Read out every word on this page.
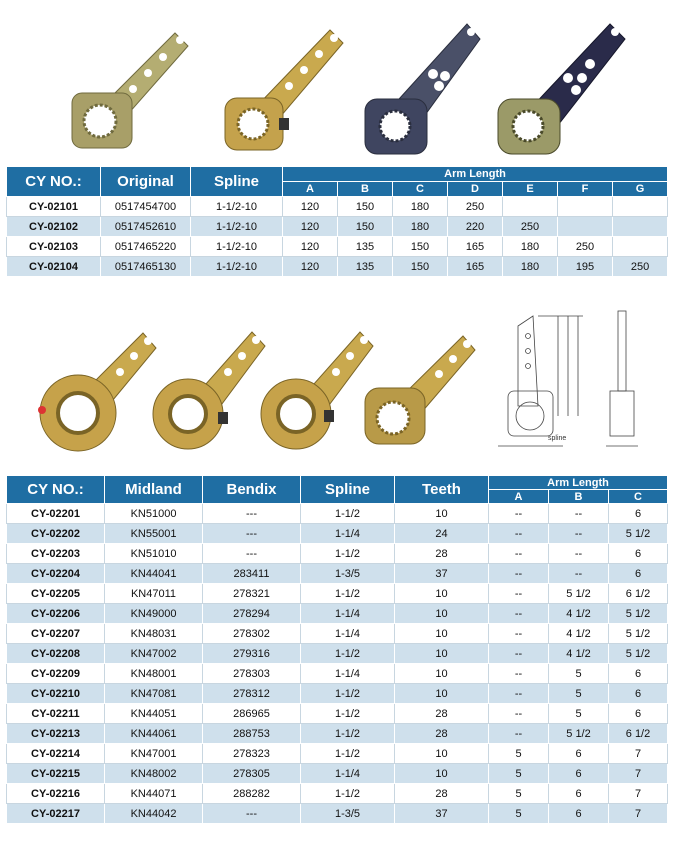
CY NO.:	Original	Spline	Arm Length						
			A	B	C	D	E	F	G
CY-02101	0517454700	1-1/2-10	120	150	180	250			
CY-02102	0517452610	1-1/2-10	120	150	180	220	250		
CY-02103	0517465220	1-1/2-10	120	135	150	165	180	250	
CY-02104	0517465130	1-1/2-10	120	135	150	165	180	195	250
spline
CY NO.:	Midland	Bendix	Spline	Teeth	Arm Length		
					A	B	C
CY-02201	KN51000	---	1-1/2	10	--	--	6
CY-02202	KN55001	---	1-1/4	24	--	--	5 1/2
CY-02203	KN51010	---	1-1/2	28	--	--	6
CY-02204	KN44041	283411	1-3/5	37	--	--	6
CY-02205	KN47011	278321	1-1/2	10	--	5 1/2	6 1/2
CY-02206	KN49000	278294	1-1/4	10	--	4 1/2	5 1/2
CY-02207	KN48031	278302	1-1/4	10	--	4 1/2	5 1/2
CY-02208	KN47002	279316	1-1/2	10	--	4 1/2	5 1/2
CY-02209	KN48001	278303	1-1/4	10	--	5	6
CY-02210	KN47081	278312	1-1/2	10	--	5	6
CY-02211	KN44051	286965	1-1/2	28	--	5	6
CY-02213	KN44061	288753	1-1/2	28	--	5 1/2	6 1/2
CY-02214	KN47001	278323	1-1/2	10	5	6	7
CY-02215	KN48002	278305	1-1/4	10	5	6	7
CY-02216	KN44071	288282	1-1/2	28	5	6	7
CY-02217	KN44042	---	1-3/5	37	5	6	7
